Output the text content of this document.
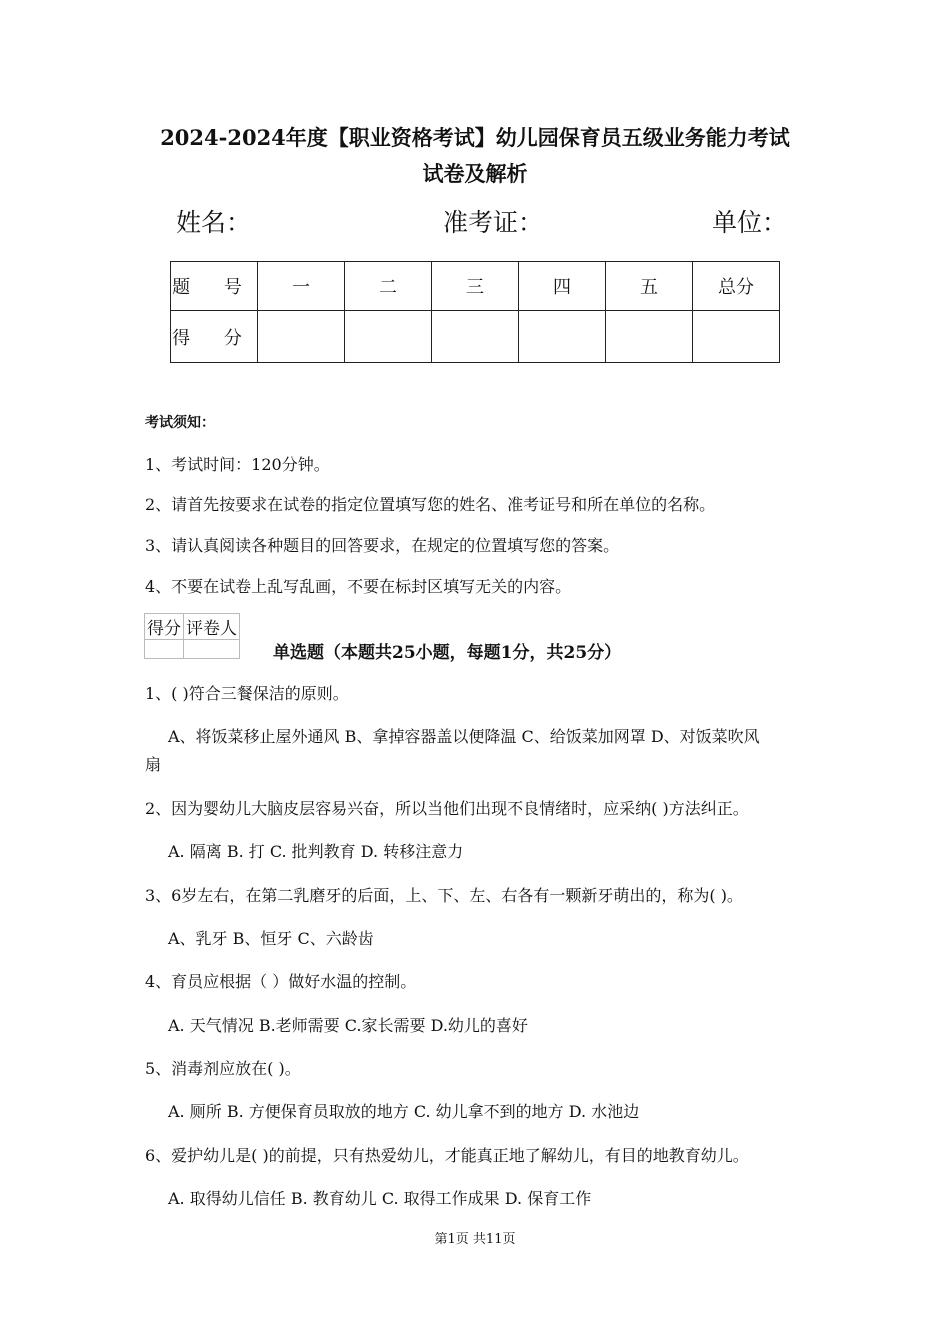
2024-2024年度【职业资格考试】幼儿园保育员五级业务能力考试
试卷及解析
姓名：	准考证：	单位：
题 号	一	二	三	四	五	总分
得 分						
考试须知：
1、考试时间：120分钟。
2、请首先按要求在试卷的指定位置填写您的姓名、准考证号和所在单位的名称。
3、请认真阅读各种题目的回答要求，在规定的位置填写您的答案。
4、不要在试卷上乱写乱画，不要在标封区填写无关的内容。
得分	评卷人

单选题（本题共25小题，每题1分，共25分）
1、( )符合三餐保洁的原则。
A、将饭菜移止屋外通风 B、拿掉容器盖以便降温 C、给饭菜加网罩 D、对饭菜吹风
扇
2、因为婴幼儿大脑皮层容易兴奋，所以当他们出现不良情绪时，应采纳( )方法纠正。
A. 隔离 B. 打 C. 批判教育 D. 转移注意力
3、6岁左右，在第二乳磨牙的后面，上、下、左、右各有一颗新牙萌出的，称为( )。
A、乳牙 B、恒牙 C、六龄齿
4、育员应根据（ ）做好水温的控制。
A. 天气情况 B.老师需要 C.家长需要 D.幼儿的喜好
5、消毒剂应放在( )。
A. 厕所 B. 方便保育员取放的地方 C. 幼儿拿不到的地方 D. 水池边
6、爱护幼儿是( )的前提，只有热爱幼儿，才能真正地了解幼儿，有目的地教育幼儿。
A. 取得幼儿信任 B. 教育幼儿 C. 取得工作成果 D. 保育工作
第1页 共11页
